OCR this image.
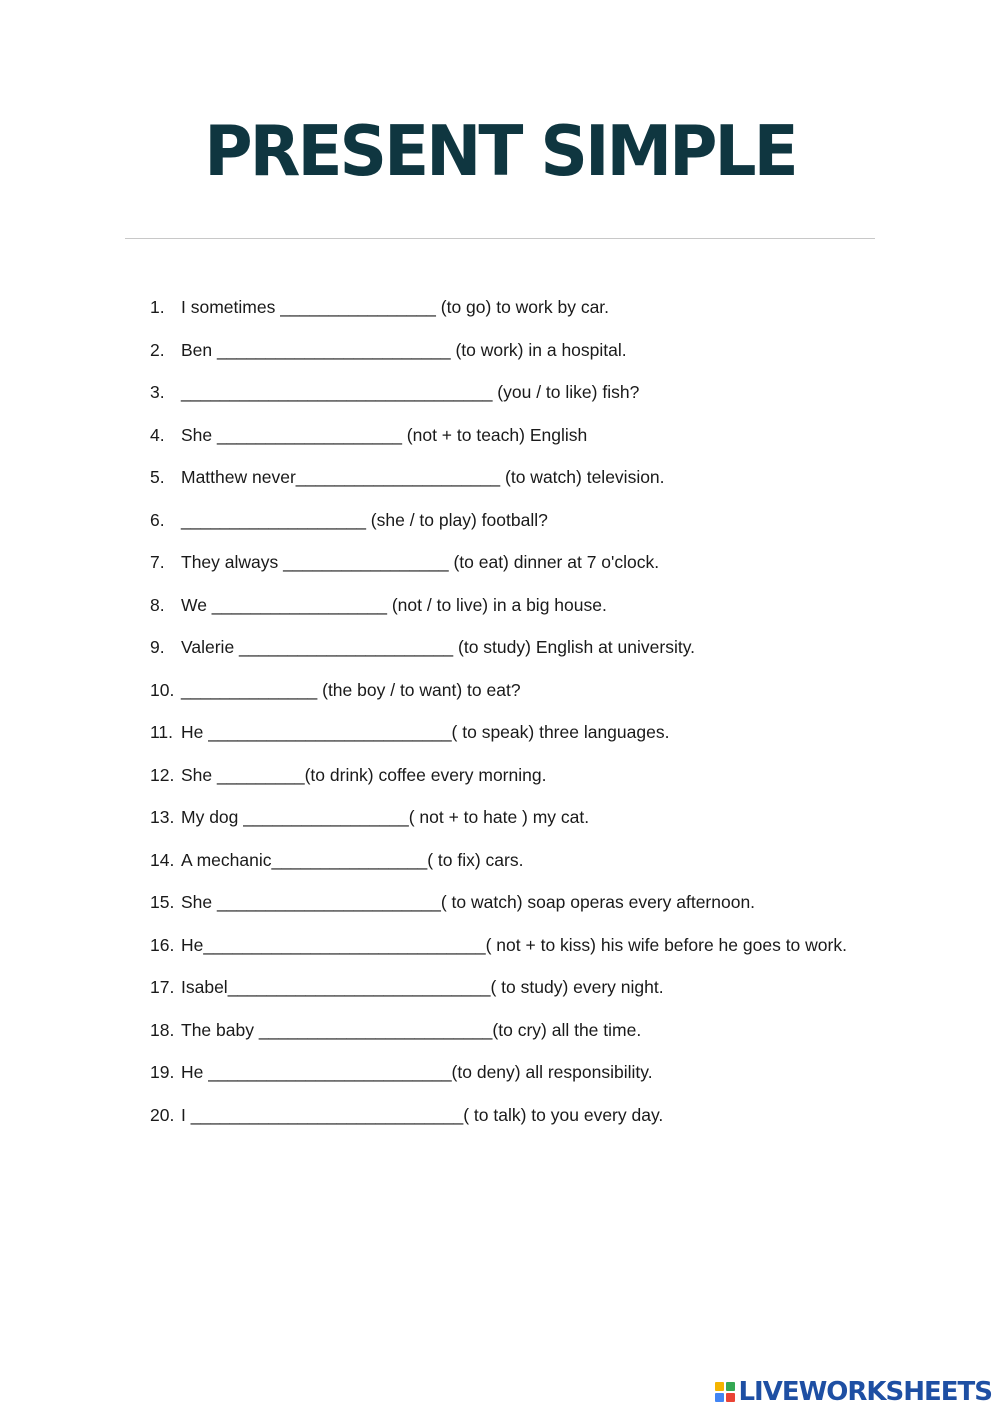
PRESENT SIMPLE
1. I sometimes ________________ (to go) to work by car.
2. Ben ________________________ (to work) in a hospital.
3. ________________________________ (you / to like) fish?
4. She ___________________ (not + to teach) English
5. Matthew never_____________________ (to watch) television.
6. ___________________ (she / to play) football?
7. They always _________________ (to eat) dinner at 7 o'clock.
8. We __________________ (not / to live) in a big house.
9. Valerie ______________________ (to study) English at university.
10. ______________ (the boy / to want) to eat?
11. He _________________________( to speak) three languages.
12. She _________(to drink) coffee every morning.
13. My dog _________________( not + to hate ) my cat.
14. A mechanic________________( to fix) cars.
15. She _______________________( to watch) soap operas every afternoon.
16. He_____________________________( not + to kiss) his wife before he goes to work.
17. Isabel___________________________( to study) every night.
18. The baby ________________________(to cry) all the time.
19. He _________________________(to deny) all responsibility.
20. I ____________________________( to talk) to you every day.
LIVEWORKSHEETS
